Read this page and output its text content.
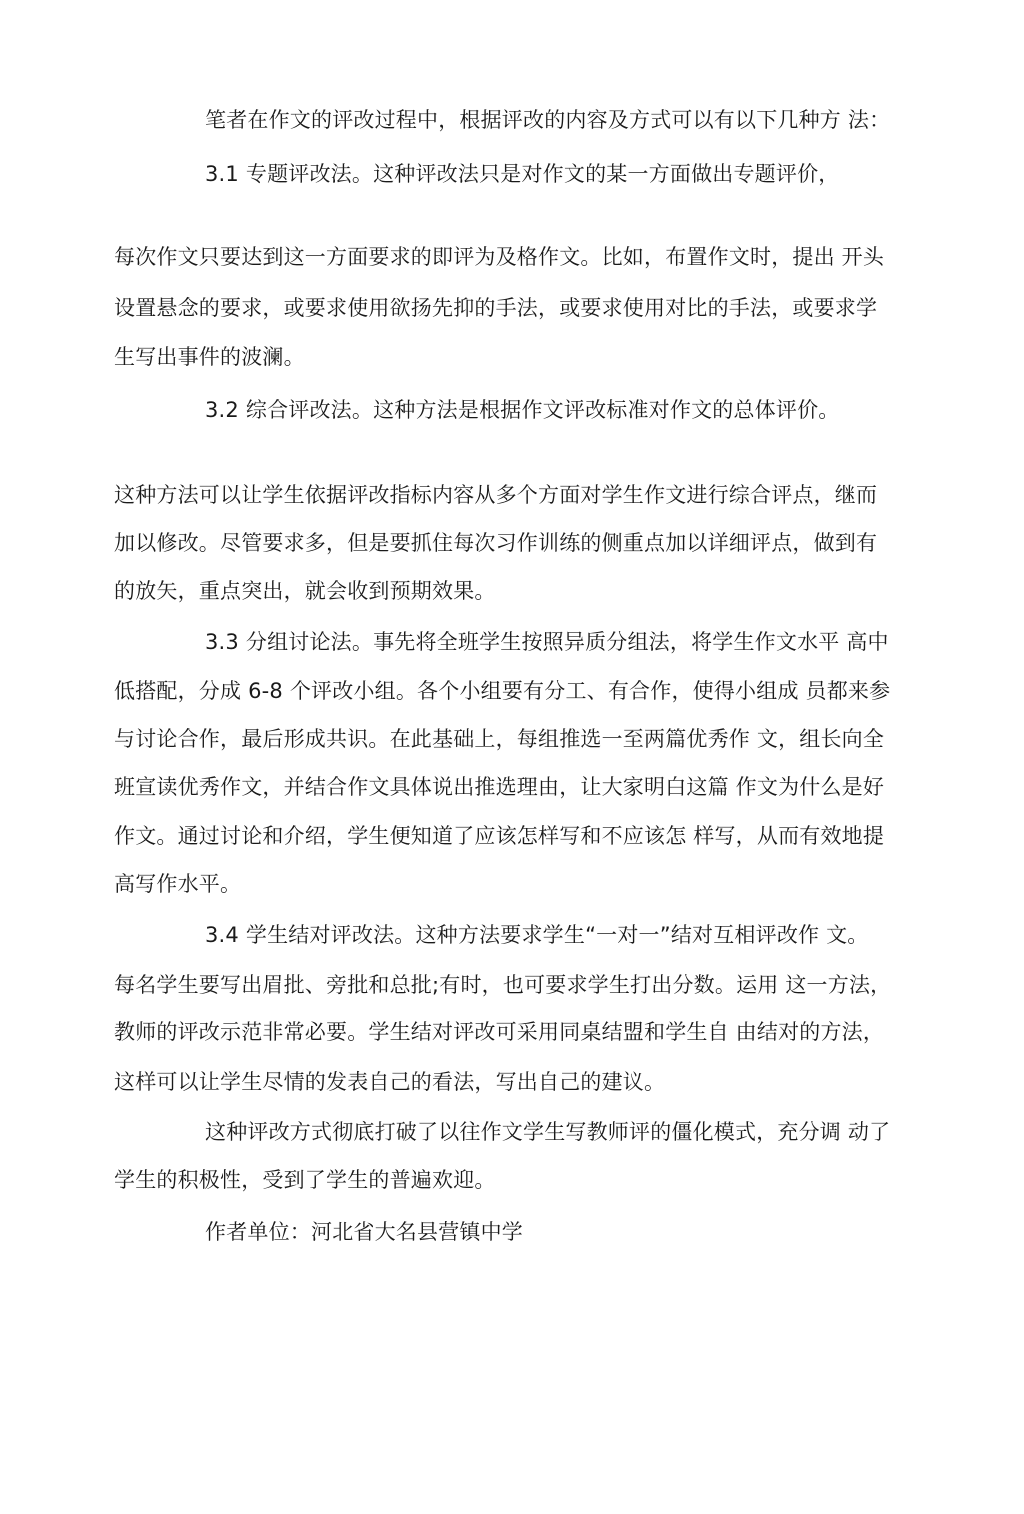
笔者在作文的评改过程中，根据评改的内容及方式可以有以下几种方 法：

3.1 专题评改法。这种评改法只是对作文的某一方面做出专题评价，

每次作文只要达到这一方面要求的即评为及格作文。比如，布置作文时，提出 开头

设置悬念的要求，或要求使用欲扬先抑的手法，或要求使用对比的手法，或要求学

生写出事件的波澜。

3.2 综合评改法。这种方法是根据作文评改标准对作文的总体评价。

这种方法可以让学生依据评改指标内容从多个方面对学生作文进行综合评点，继而

加以修改。尽管要求多，但是要抓住每次习作训练的侧重点加以详细评点，做到有

的放矢，重点突出，就会收到预期效果。

3.3 分组讨论法。事先将全班学生按照异质分组法，将学生作文水平 高中

低搭配，分成 6-8 个评改小组。各个小组要有分工、有合作，使得小组成 员都来参

与讨论合作，最后形成共识。在此基础上，每组推选一至两篇优秀作 文，组长向全

班宣读优秀作文，并结合作文具体说出推选理由，让大家明白这篇 作文为什么是好

作文。通过讨论和介绍，学生便知道了应该怎样写和不应该怎 样写，从而有效地提

高写作水平。

3.4 学生结对评改法。这种方法要求学生“一对一”结对互相评改作 文。

每名学生要写出眉批、旁批和总批;有时，也可要求学生打出分数。运用 这一方法，

教师的评改示范非常必要。学生结对评改可采用同桌结盟和学生自 由结对的方法，

这样可以让学生尽情的发表自己的看法，写出自己的建议。

这种评改方式彻底打破了以往作文学生写教师评的僵化模式，充分调 动了

学生的积极性，受到了学生的普遍欢迎。

作者单位：河北省大名县营镇中学
